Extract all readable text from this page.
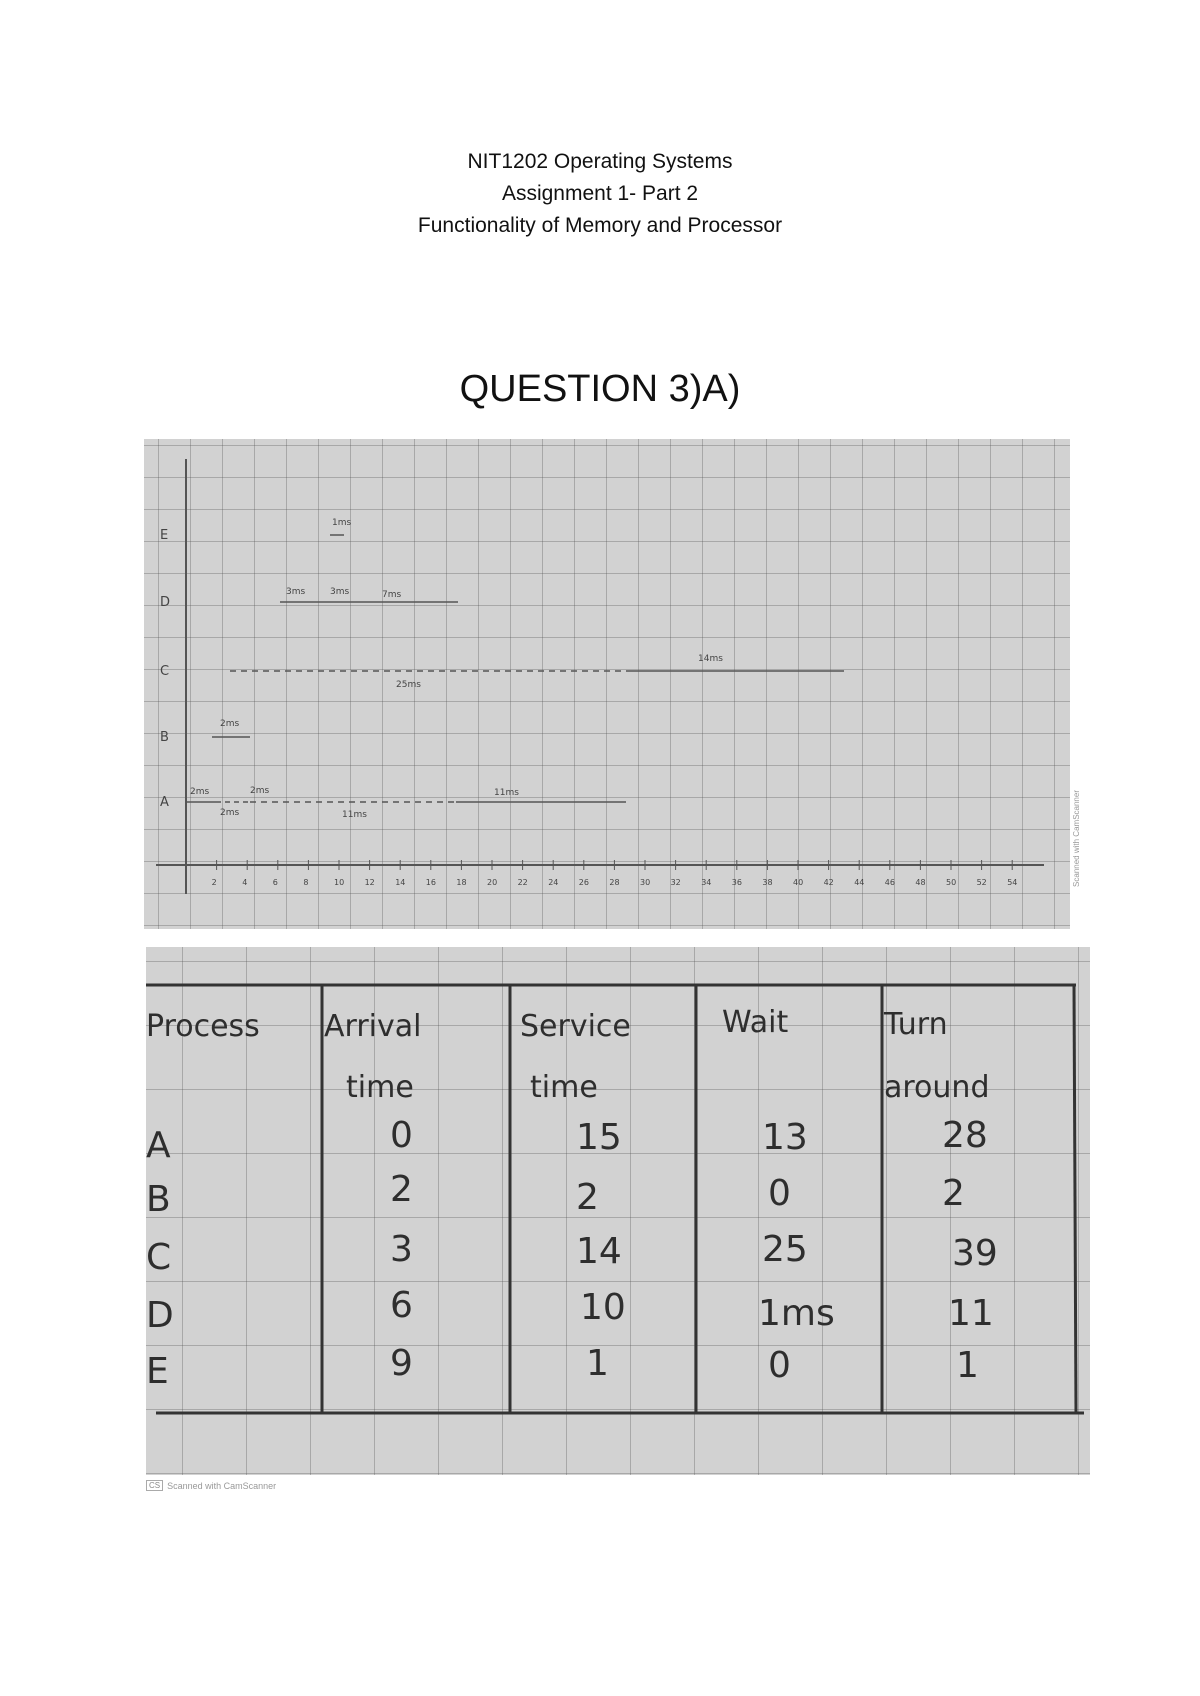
NIT1202 Operating Systems
Assignment 1- Part 2
Functionality of Memory and Processor
QUESTION 3)A)
E
D
C
B
A
1ms
3ms	3ms	7ms
14ms
25ms
2ms
2ms
2ms
2ms
11ms
11ms
2	4	6	8	10	12	14	16	18	20	22	24	26	28	30	32	34	36	38	40	42	44	46	48	50	52	54	Scanned with CamScanner
Process Arrival
time
Service
time
Wait	Turn
around
A	0	15	13	28
B	2	2	0	2
C	3	14	25	39
D	6	10	1ms	11
E	9	1	0	1
CS Scanned with CamScanner
